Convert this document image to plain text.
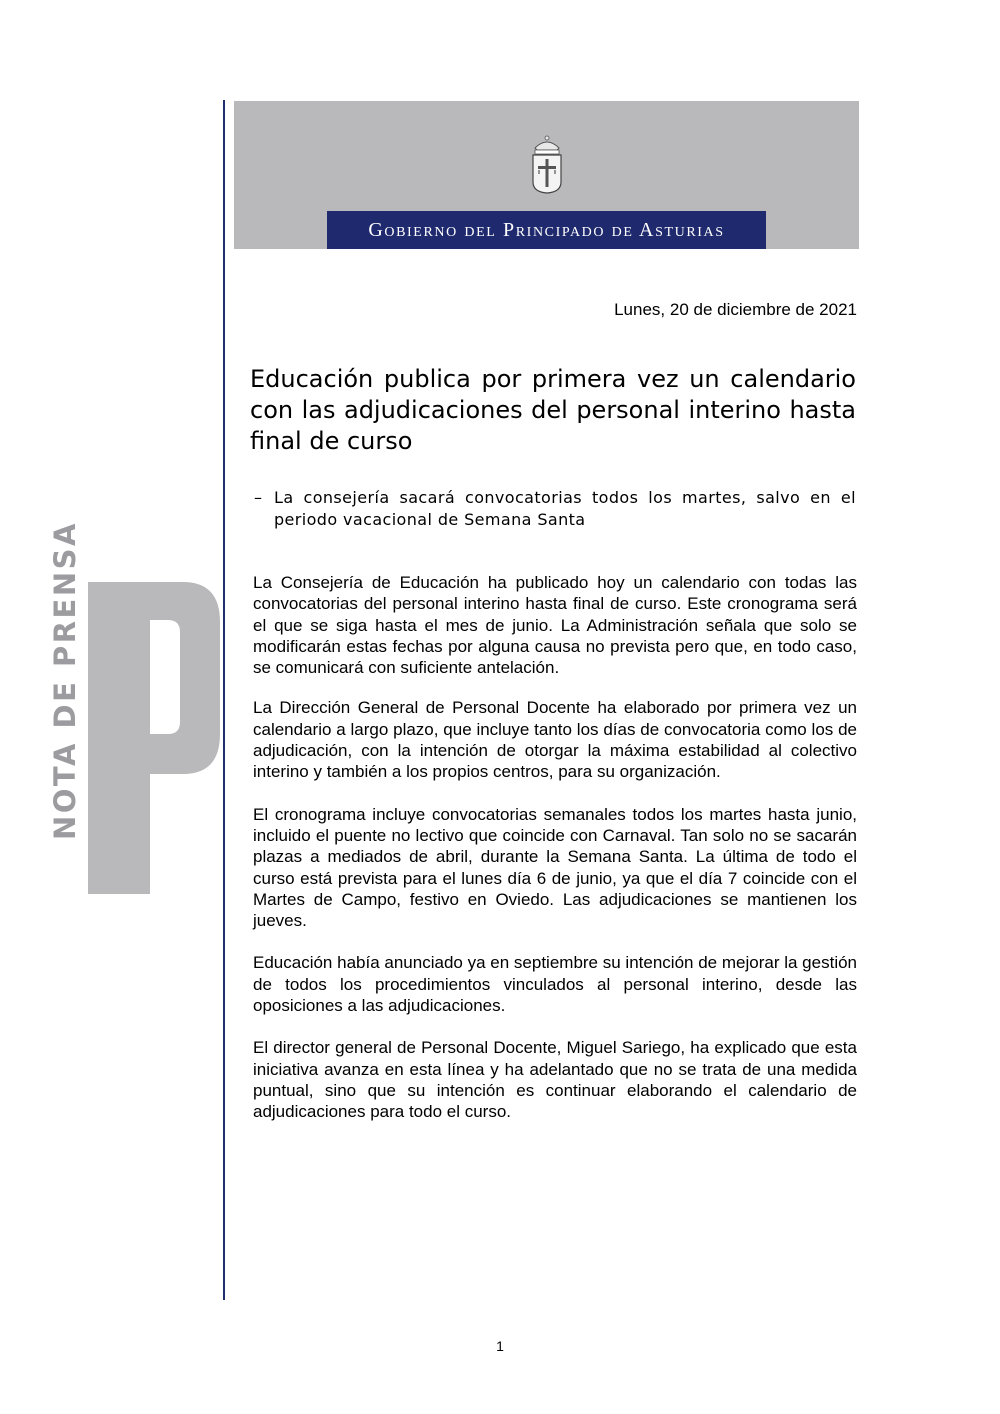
Gobierno del Principado de Asturias
NOTA DE PRENSA
Lunes, 20 de diciembre de 2021
Educación publica por primera vez un calendario con las adjudicaciones del personal interino hasta final de curso
– La consejería sacará convocatorias todos los martes, salvo en el periodo vacacional de Semana Santa

La Consejería de Educación ha publicado hoy un calendario con todas las convocatorias del personal interino hasta final de curso. Este cronograma será el que se siga hasta el mes de junio. La Administración señala que solo se modificarán estas fechas por alguna causa no prevista pero que, en todo caso, se comunicará con suficiente antelación.

La Dirección General de Personal Docente ha elaborado por primera vez un calendario a largo plazo, que incluye tanto los días de convocatoria como los de adjudicación, con la intención de otorgar la máxima estabilidad al colectivo interino y también a los propios centros, para su organización.

El cronograma incluye convocatorias semanales todos los martes hasta junio, incluido el puente no lectivo que coincide con Carnaval. Tan solo no se sacarán plazas a mediados de abril, durante la Semana Santa. La última de todo el curso está prevista para el lunes día 6 de junio, ya que el día 7 coincide con el Martes de Campo, festivo en Oviedo. Las adjudicaciones se mantienen los jueves.

Educación había anunciado ya en septiembre su intención de mejorar la gestión de todos los procedimientos vinculados al personal interino, desde las oposiciones a las adjudicaciones.

El director general de Personal Docente, Miguel Sariego, ha explicado que esta iniciativa avanza en esta línea y ha adelantado que no se trata de una medida puntual, sino que su intención es continuar elaborando el calendario de adjudicaciones para todo el curso.

1
